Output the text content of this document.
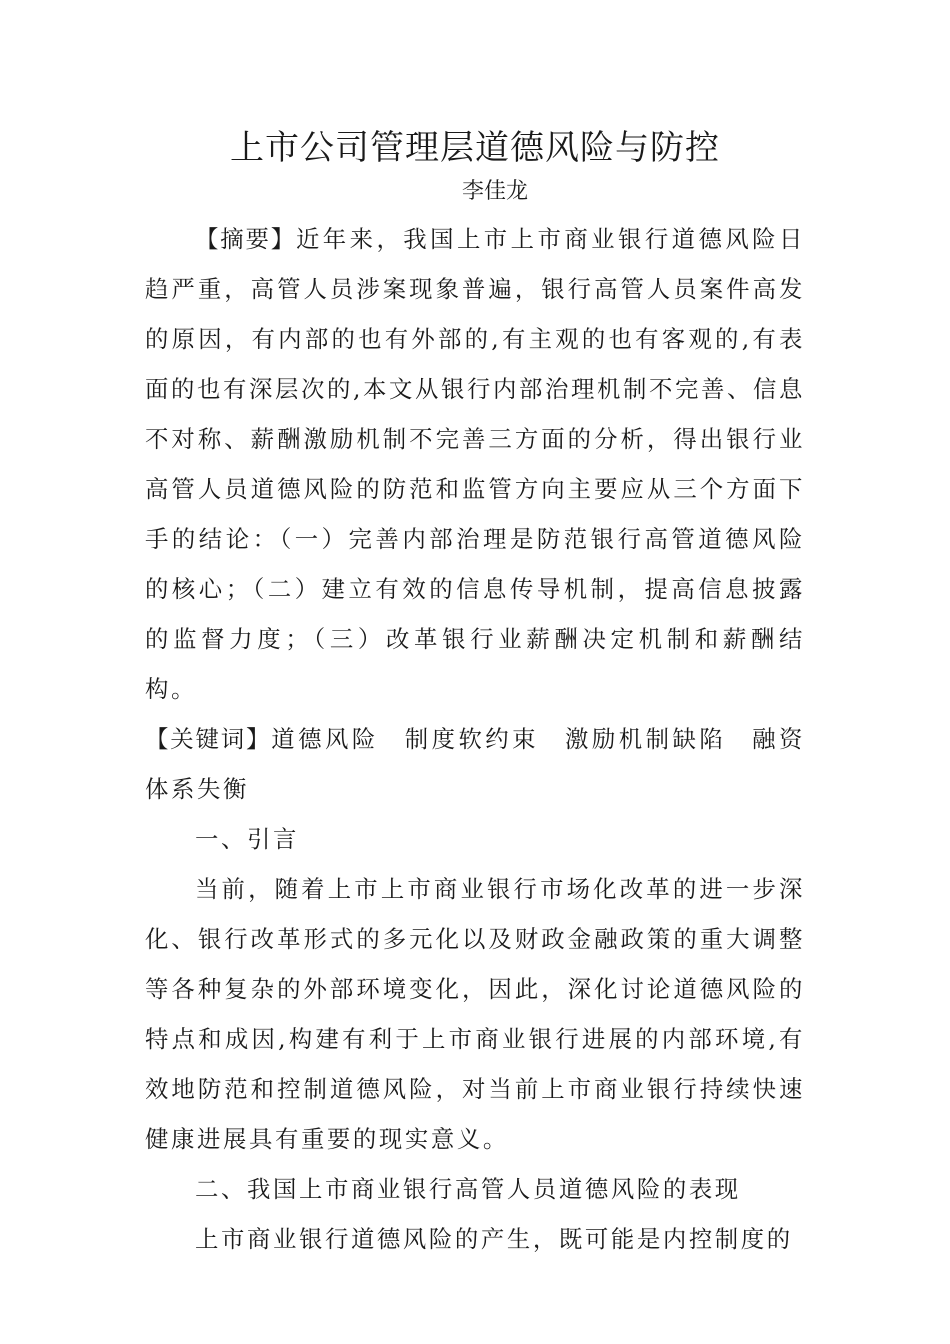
上市公司管理层道德风险与防控

李佳龙

【摘要】近年来，我国上市上市商业银行道德风险日趋严重，高管人员涉案现象普遍，银行高管人员案件高发的原因，有内部的也有外部的,有主观的也有客观的,有表面的也有深层次的,本文从银行内部治理机制不完善、信息不对称、薪酬激励机制不完善三方面的分析，得出银行业高管人员道德风险的防范和监管方向主要应从三个方面下手的结论：（一）完善内部治理是防范银行高管道德风险的核心；（二）建立有效的信息传导机制，提高信息披露的监督力度；（三）改革银行业薪酬决定机制和薪酬结构。

【关键词】道德风险 制度软约束 激励机制缺陷 融资体系失衡

一、引言

当前，随着上市上市商业银行市场化改革的进一步深化、银行改革形式的多元化以及财政金融政策的重大调整等各种复杂的外部环境变化，因此，深化讨论道德风险的特点和成因,构建有利于上市商业银行进展的内部环境,有效地防范和控制道德风险，对当前上市商业银行持续快速健康进展具有重要的现实意义。

二、我国上市商业银行高管人员道德风险的表现

上市商业银行道德风险的产生，既可能是内控制度的
